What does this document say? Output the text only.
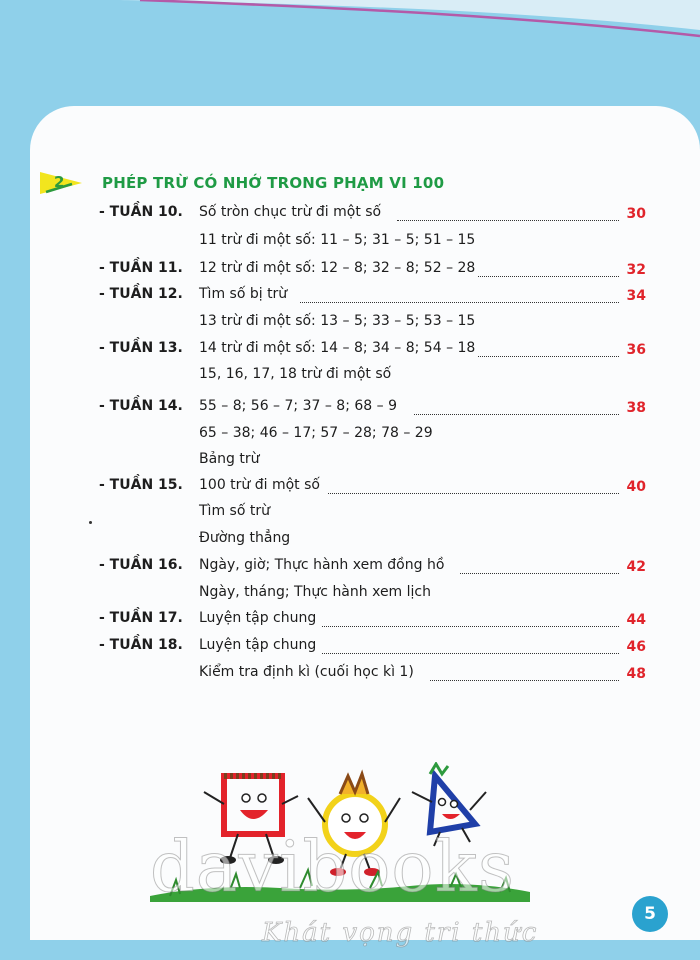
2	PHÉP TRỪ CÓ NHỚ TRONG PHẠM VI 100
- TUẦN 10. Số tròn chục trừ đi một số	30
11 trừ đi một số: 11 – 5; 31 – 5; 51 – 15
- TUẦN 11. 12 trừ đi một số: 12 – 8; 32 – 8; 52 – 28	32
- TUẦN 12. Tìm số bị trừ	34
13 trừ đi một số: 13 – 5; 33 – 5; 53 – 15
- TUẦN 13. 14 trừ đi một số: 14 – 8; 34 – 8; 54 – 18	36
15, 16, 17, 18 trừ đi một số
- TUẦN 14. 55 – 8; 56 – 7; 37 – 8; 68 – 9	38
65 – 38; 46 – 17; 57 – 28; 78 – 29
Bảng trừ
- TUẦN 15. 100 trừ đi một số	40
Tìm số trừ
Đường thẳng
- TUẦN 16. Ngày, giờ; Thực hành xem đồng hồ	42
Ngày, tháng; Thực hành xem lịch
- TUẦN 17. Luyện tập chung	44
- TUẦN 18. Luyện tập chung	46
Kiểm tra định kì (cuối học kì 1)	48
davibooks
Khát vọng tri thức
5
